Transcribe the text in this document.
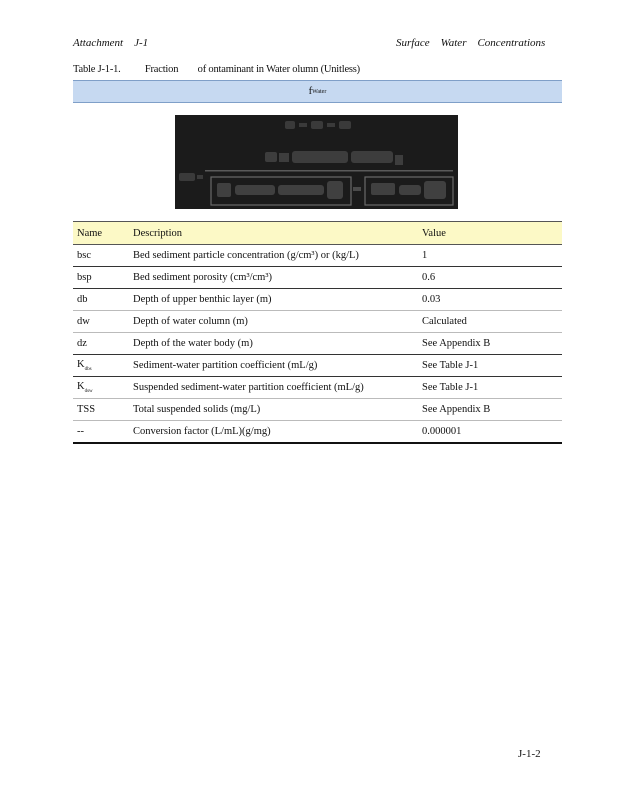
Attachment    J-1	Surface    Water    Concentrations
Table J-1-1.          Fraction        of ontaminant in Water olumn (Unitless)
f Water
Name	Description	Value
bsc	Bed sediment particle concentration (g/cm³) or (kg/L)	1
bsp	Bed sediment porosity (cm³/cm³)	0.6
db	Depth of upper benthic layer (m)	0.03
dw	Depth of water column (m)	Calculated
dz	Depth of the water body (m)	See Appendix B
$K_{dbs}$	Sediment-water partition coefficient (mL/g)	See Table J-1
$K_{dsw}$	Suspended sediment-water partition coefficient (mL/g)	See Table J-1
TSS	Total suspended solids (mg/L)	See Appendix B
--	Conversion factor (L/mL)(g/mg)	0.000001
J-1-2
